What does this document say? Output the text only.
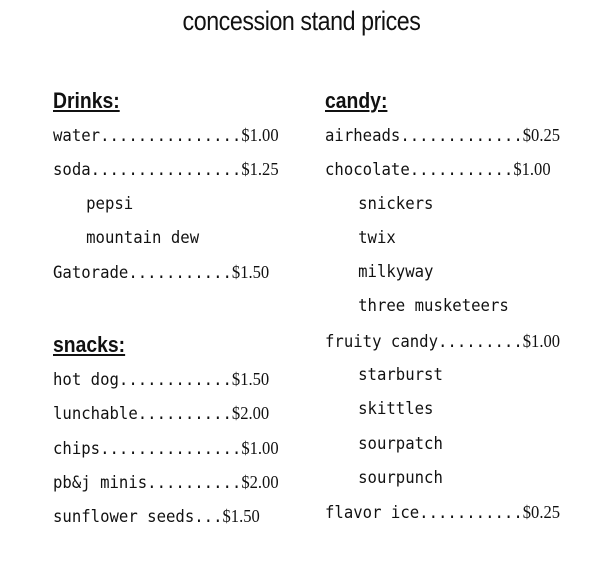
concession stand prices
Drinks:
water...............$1.00
soda................$1.25
pepsi
mountain dew
Gatorade...........$1.50
snacks:
hot dog............$1.50
lunchable..........$2.00
chips...............$1.00
pb&j minis..........$2.00
sunflower seeds...$1.50
candy:
airheads.............$0.25
chocolate...........$1.00
snickers
twix
milkyway
three musketeers
fruity candy.........$1.00
starburst
skittles
sourpatch
sourpunch
flavor ice...........$0.25
